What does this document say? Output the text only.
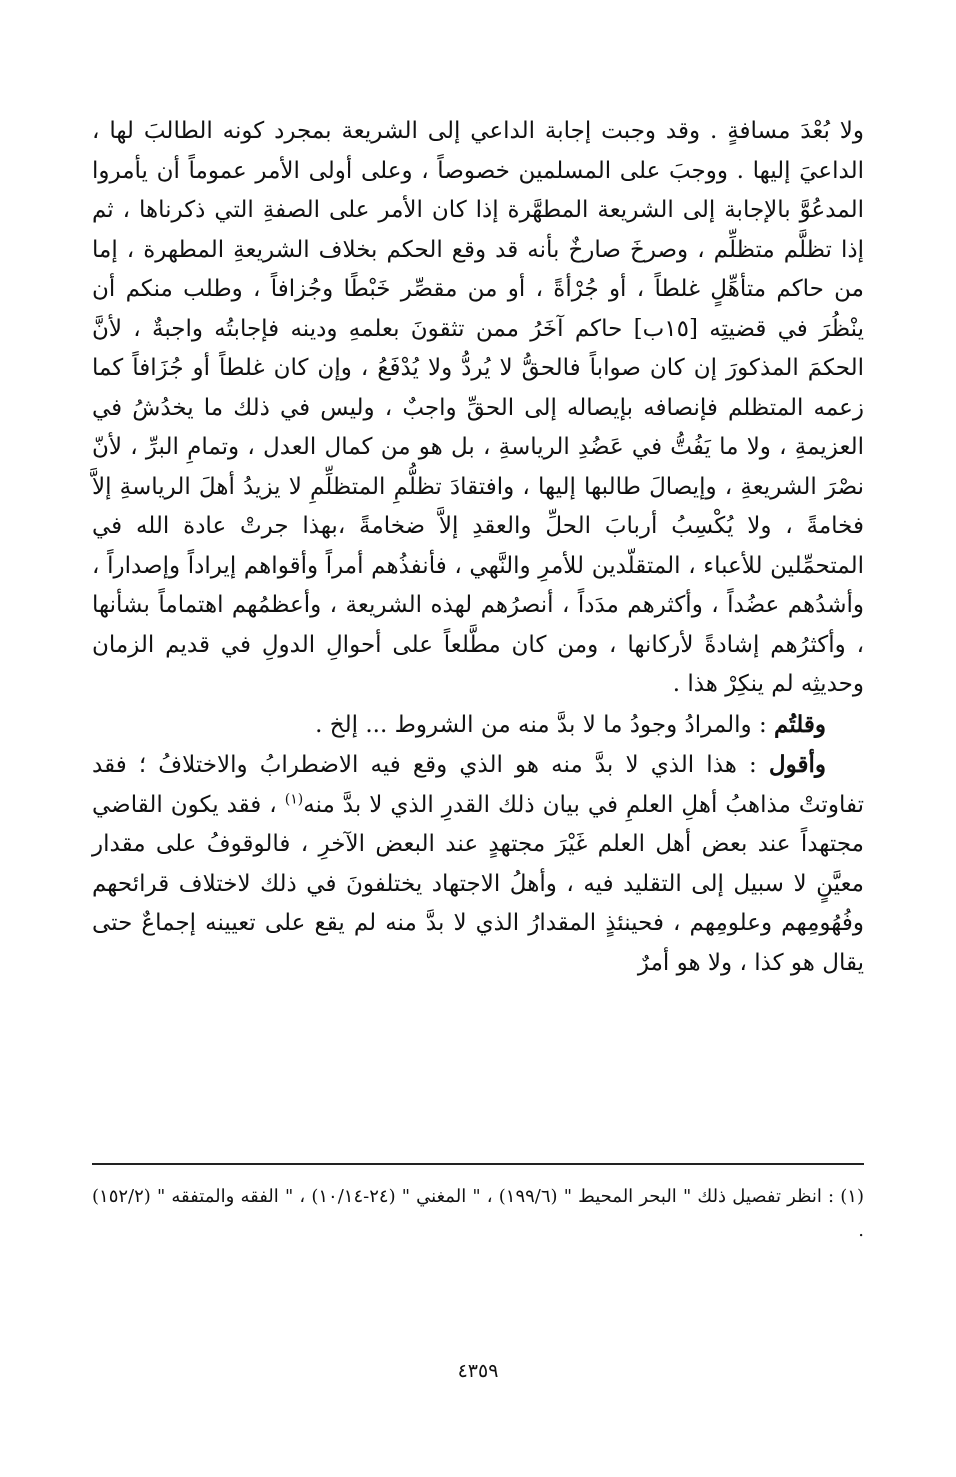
ولا بُعْدَ مسافةٍ . وقد وجبت إجابة الداعي إلى الشريعة بمجرد كونه الطالبَ لها ، الداعيَ إليها . ووجبَ على المسلمين خصوصاً ، وعلى أولى الأمر عموماً أن يأمروا المدعُوَّ بالإجابة إلى الشريعة المطهَّرة إذا كان الأمر على الصفةِ التي ذكرناها ، ثم إذا تظلَّم متظلِّم ، وصرخَ صارخٌ بأنه قد وقع الحكم بخلاف الشريعةِ المطهرة ، إما من حاكم متأهِّلٍ غلطاً ، أو جُرْأةً ، أو من مقصِّر خَبْطًا وجُزافاً ، وطلب منكم أن ينْظُرَ في قضيتِه [١٥ب] حاكم آخَرُ ممن تثقونَ بعلمهِ ودينه فإجابتُه واجبةٌ ، لأنَّ الحكمَ المذكورَ إن كان صواباً فالحقُّ لا يُردُّ ولا يُدْفَعُ ، وإن كان غلطاً أو جُزَافاً كما زعمه المتظلم فإنصافه بإيصاله إلى الحقِّ واجبٌ ، وليس في ذلك ما يخدُشُ في العزيمةِ ، ولا ما يَفُتُّ في عَضُدِ الرياسةِ ، بل هو من كمال العدل ، وتمامِ البرِّ ، لأنّ نصْرَ الشريعةِ ، وإيصالَ طالبها إليها ، وافتقادَ تظلُّمِ المتظلِّمِ لا يزيدُ أهلَ الرياسةِ إلاَّ فخامةً ، ولا يُكْسِبُ أربابَ الحلِّ والعقدِ إلاَّ ضخامةً ،بهذا جرتْ عادة الله في المتحمِّلين للأعباء ، المتقلّدين للأمرِ والنَّهي ، فأنفذُهم أمراً وأقواهم إيراداً وإصداراً ، وأشدُهم عضُداً ، وأكثرهم مدَداً ، أنصرُهم لهذه الشريعة ، وأعظمُهم اهتماماً بشأنها ، وأكثرُهم إشادةً لأركانها ، ومن كان مطَّلعاً على أحوالِ الدولِ في قديم الزمان وحديثِه لم ينكِرْ هذا .

وقلتُم : والمرادُ وجودُ ما لا بدَّ منه من الشروط ... إلخ .

وأقول : هذا الذي لا بدَّ منه هو الذي وقع فيه الاضطرابُ والاختلافُ ؛ فقد تفاوتتْ مذاهبُ أهلِ العلمِ في بيان ذلك القدرِ الذي لا بدَّ منه$^{(١)}$ ، فقد يكون القاضي مجتهداً عند بعض أهل العلم غَيْرَ مجتهدٍ عند البعض الآخرِ ، فالوقوفُ على مقدار معيَّنٍ لا سبيل إلى التقليد فيه ، وأهلُ الاجتهاد يختلفونَ في ذلك لاختلاف قرائحهم وفُهُومِهم وعلومِهم ، فحينئذٍ المقدارُ الذي لا بدَّ منه لم يقع على تعيينه إجماعٌ حتى يقال هو كذا ، ولا هو أمرٌ

(١) : انظر تفصيل ذلك " البحر المحيط " (١٩٩/٦) ، " المغني " (٢٤-١٠/١٤) ، " الفقه والمتفقه " (١٥٢/٢) .

٤٣٥٩
